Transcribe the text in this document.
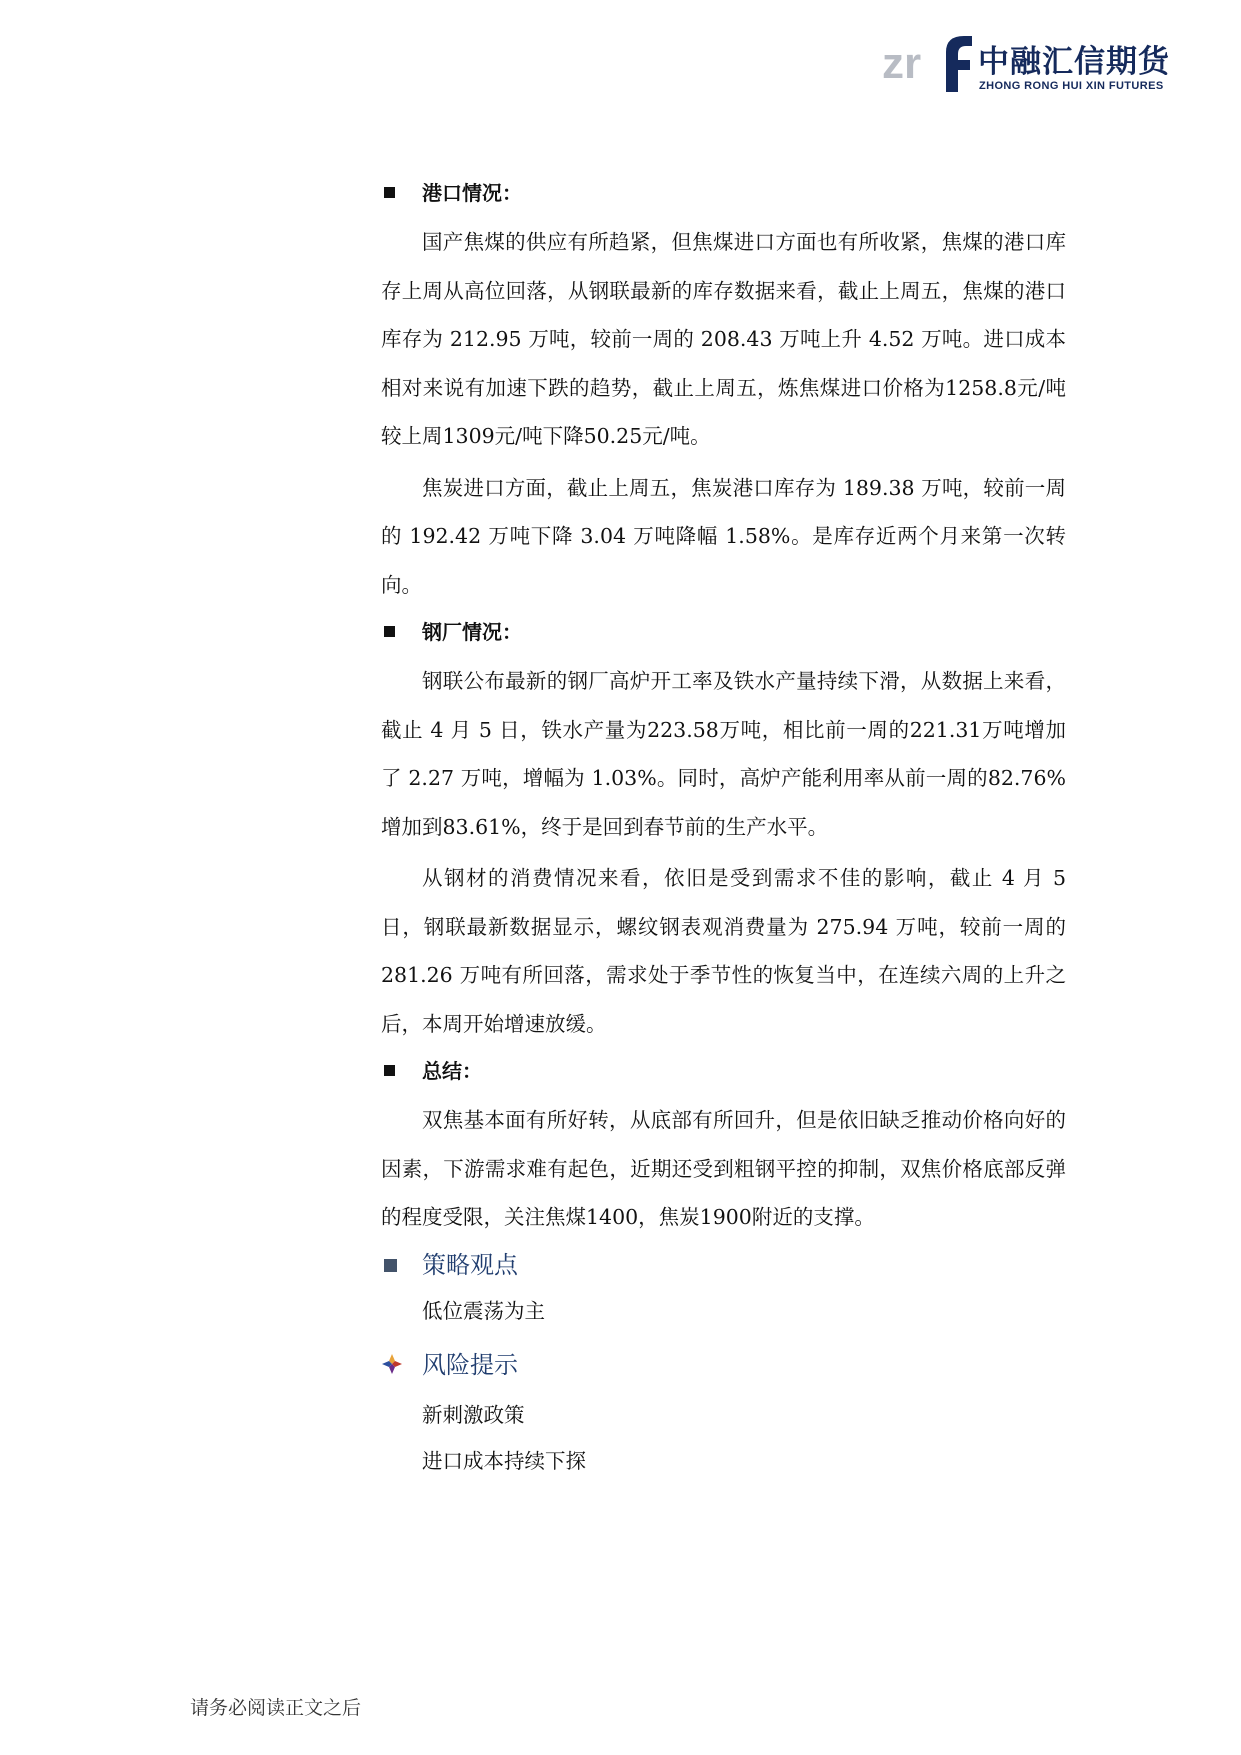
zr 中融汇信期货
ZHONG RONG HUI XIN FUTURES
港口情况：

国产焦煤的供应有所趋紧，但焦煤进口方面也有所收紧，焦煤的港口库存上周从高位回落，从钢联最新的库存数据来看，截止上周五，焦煤的港口库存为 212.95 万吨，较前一周的 208.43 万吨上升 4.52 万吨。进口成本相对来说有加速下跌的趋势，截止上周五，炼焦煤进口价格为1258.8元/吨较上周1309元/吨下降50.25元/吨。

焦炭进口方面，截止上周五，焦炭港口库存为 189.38 万吨，较前一周的 192.42 万吨下降 3.04 万吨降幅 1.58%。是库存近两个月来第一次转向。

钢厂情况：

钢联公布最新的钢厂高炉开工率及铁水产量持续下滑，从数据上来看，截止 4 月 5 日，铁水产量为223.58万吨，相比前一周的221.31万吨增加了 2.27 万吨，增幅为 1.03%。同时，高炉产能利用率从前一周的82.76%增加到83.61%，终于是回到春节前的生产水平。

从钢材的消费情况来看，依旧是受到需求不佳的影响，截止 4 月 5 日，钢联最新数据显示，螺纹钢表观消费量为 275.94 万吨，较前一周的 281.26 万吨有所回落，需求处于季节性的恢复当中，在连续六周的上升之后，本周开始增速放缓。

总结：

双焦基本面有所好转，从底部有所回升，但是依旧缺乏推动价格向好的因素，下游需求难有起色，近期还受到粗钢平控的抑制，双焦价格底部反弹的程度受限，关注焦煤1400，焦炭1900附近的支撑。

策略观点
低位震荡为主
风险提示
新刺激政策
进口成本持续下探
请务必阅读正文之后
